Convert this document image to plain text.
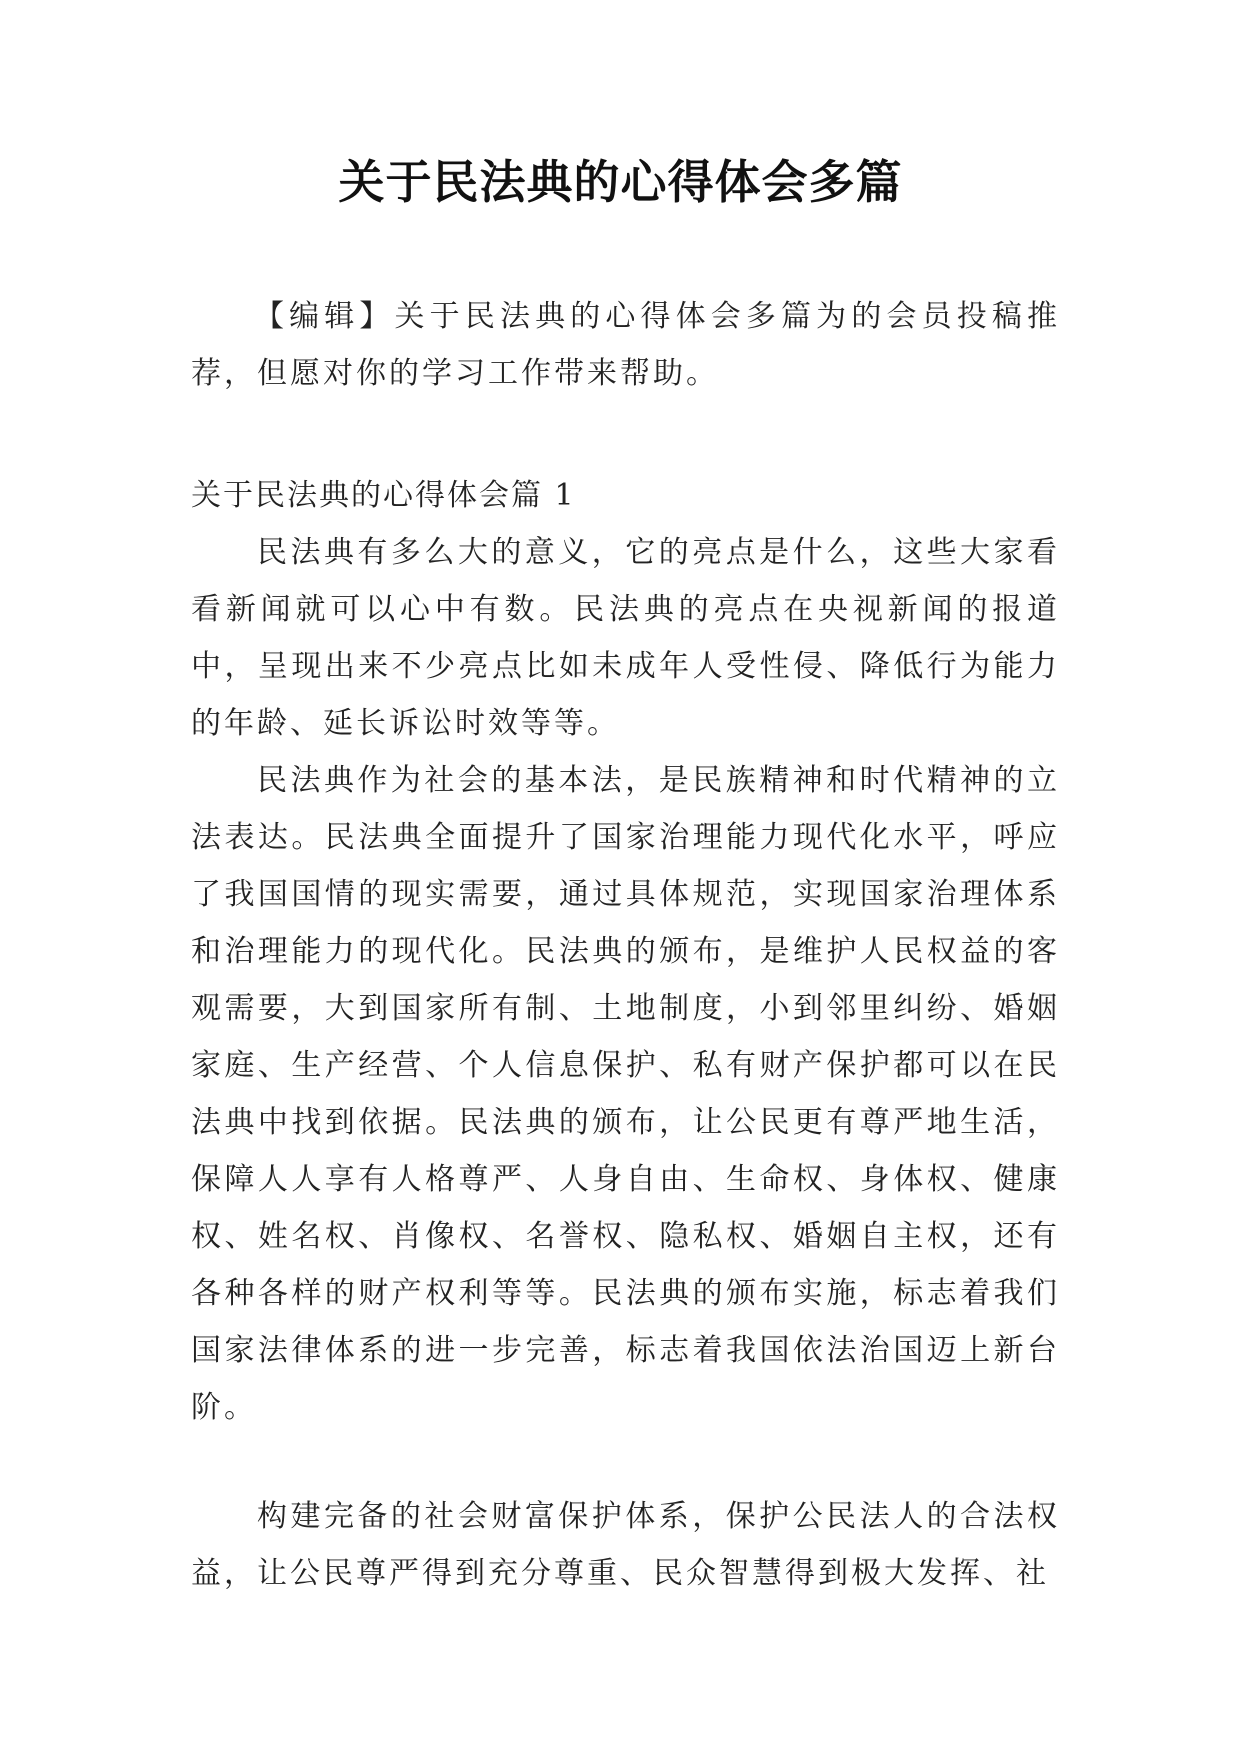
关于民法典的心得体会多篇

【编辑】关于民法典的心得体会多篇为的会员投稿推荐，但愿对你的学习工作带来帮助。

关于民法典的心得体会篇 1

民法典有多么大的意义，它的亮点是什么，这些大家看看新闻就可以心中有数。民法典的亮点在央视新闻的报道中，呈现出来不少亮点比如未成年人受性侵、降低行为能力的年龄、延长诉讼时效等等。

民法典作为社会的基本法，是民族精神和时代精神的立法表达。民法典全面提升了国家治理能力现代化水平，呼应了我国国情的现实需要，通过具体规范，实现国家治理体系和治理能力的现代化。民法典的颁布，是维护人民权益的客观需要，大到国家所有制、土地制度，小到邻里纠纷、婚姻家庭、生产经营、个人信息保护、私有财产保护都可以在民法典中找到依据。民法典的颁布，让公民更有尊严地生活，保障人人享有人格尊严、人身自由、生命权、身体权、健康权、姓名权、肖像权、名誉权、隐私权、婚姻自主权，还有各种各样的财产权利等等。民法典的颁布实施，标志着我们国家法律体系的进一步完善，标志着我国依法治国迈上新台阶。

构建完备的社会财富保护体系，保护公民法人的合法权益，让公民尊严得到充分尊重、民众智慧得到极大发挥、社
